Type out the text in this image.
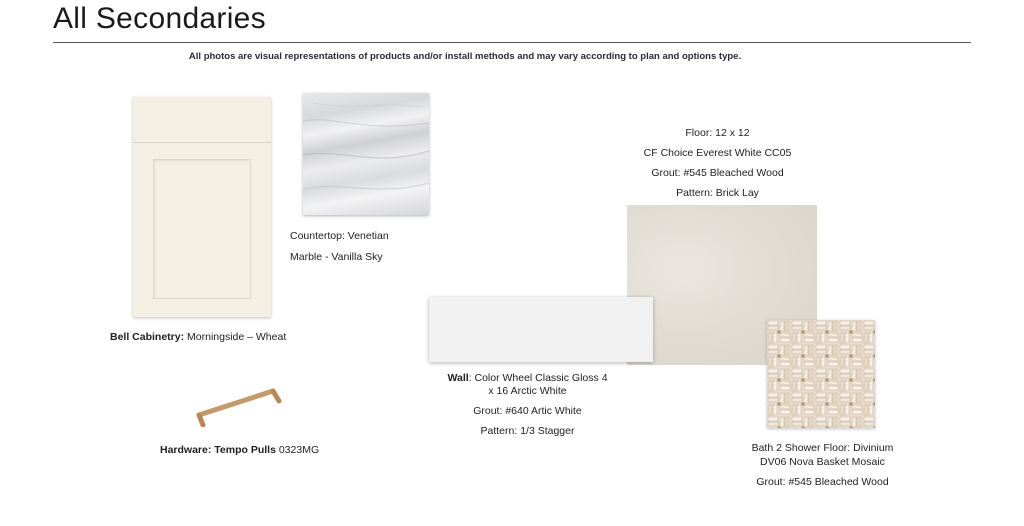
All Secondaries
All photos are visual representations of products and/or install methods and may vary according to plan and options type.
Bell Cabinetry: Morningside – Wheat
Countertop: Venetian
Marble - Vanilla Sky
Hardware: Tempo Pulls 0323MG
Floor: 12 x 12
CF Choice Everest White CC05
Grout: #545 Bleached Wood
Pattern: Brick Lay
Wall: Color Wheel Classic Gloss 4
x 16 Arctic White
Grout: #640 Artic White
Pattern: 1/3 Stagger
Bath 2 Shower Floor: Divinium
DV06 Nova Basket Mosaic
Grout: #545 Bleached Wood
